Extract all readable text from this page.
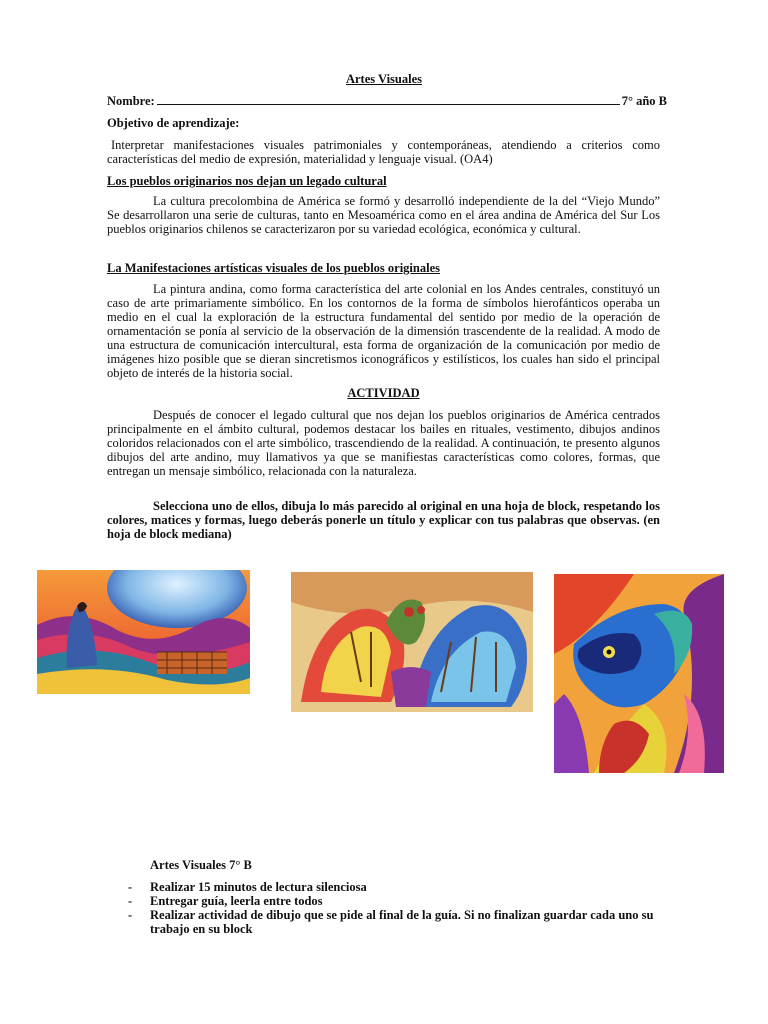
Artes Visuales
Nombre:	7° año B
Objetivo de aprendizaje:
Interpretar manifestaciones visuales patrimoniales y contemporáneas, atendiendo a criterios como características del medio de expresión, materialidad y lenguaje visual. (OA4)
Los pueblos originarios nos dejan un legado cultural
La cultura precolombina de América se formó y desarrolló independiente de la del “Viejo Mundo” Se desarrollaron una serie de culturas, tanto en Mesoamérica como en el área andina de América del Sur Los pueblos originarios chilenos se caracterizaron por su variedad ecológica, económica y cultural.
La Manifestaciones artísticas visuales de los pueblos originales
La pintura andina, como forma característica del arte colonial en los Andes centrales, constituyó un caso de arte primariamente simbólico. En los contornos de la forma de símbolos hierofánticos operaba un medio en el cual la exploración de la estructura fundamental del sentido por medio de la operación de ornamentación se ponía al servicio de la observación de la dimensión trascendente de la realidad. A modo de una estructura de comunicación intercultural, esta forma de organización de la comunicación por medio de imágenes hizo posible que se dieran sincretismos iconográficos y estilísticos, los cuales han sido el principal objeto de interés de la historia social.
ACTIVIDAD
Después de conocer el legado cultural que nos dejan los pueblos originarios de América centrados principalmente en el ámbito cultural, podemos destacar los bailes en rituales, vestimento, dibujos andinos coloridos relacionados con el arte simbólico, trascendiendo de la realidad. A continuación, te presento algunos dibujos del arte andino, muy llamativos ya que se manifiestas características como colores, formas, que entregan un mensaje simbólico, relacionada con la naturaleza.
Selecciona uno de ellos, dibuja lo más parecido al original en una hoja de block, respetando los colores, matices y formas, luego deberás ponerle un título y explicar con tus palabras que observas. (en hoja de block mediana)
Artes Visuales 7° B
-	Realizar 15 minutos de lectura silenciosa
-	Entregar guía, leerla entre todos
-	Realizar actividad de dibujo que se pide al final de la guía. Si no finalizan guardar cada uno su trabajo en su block
